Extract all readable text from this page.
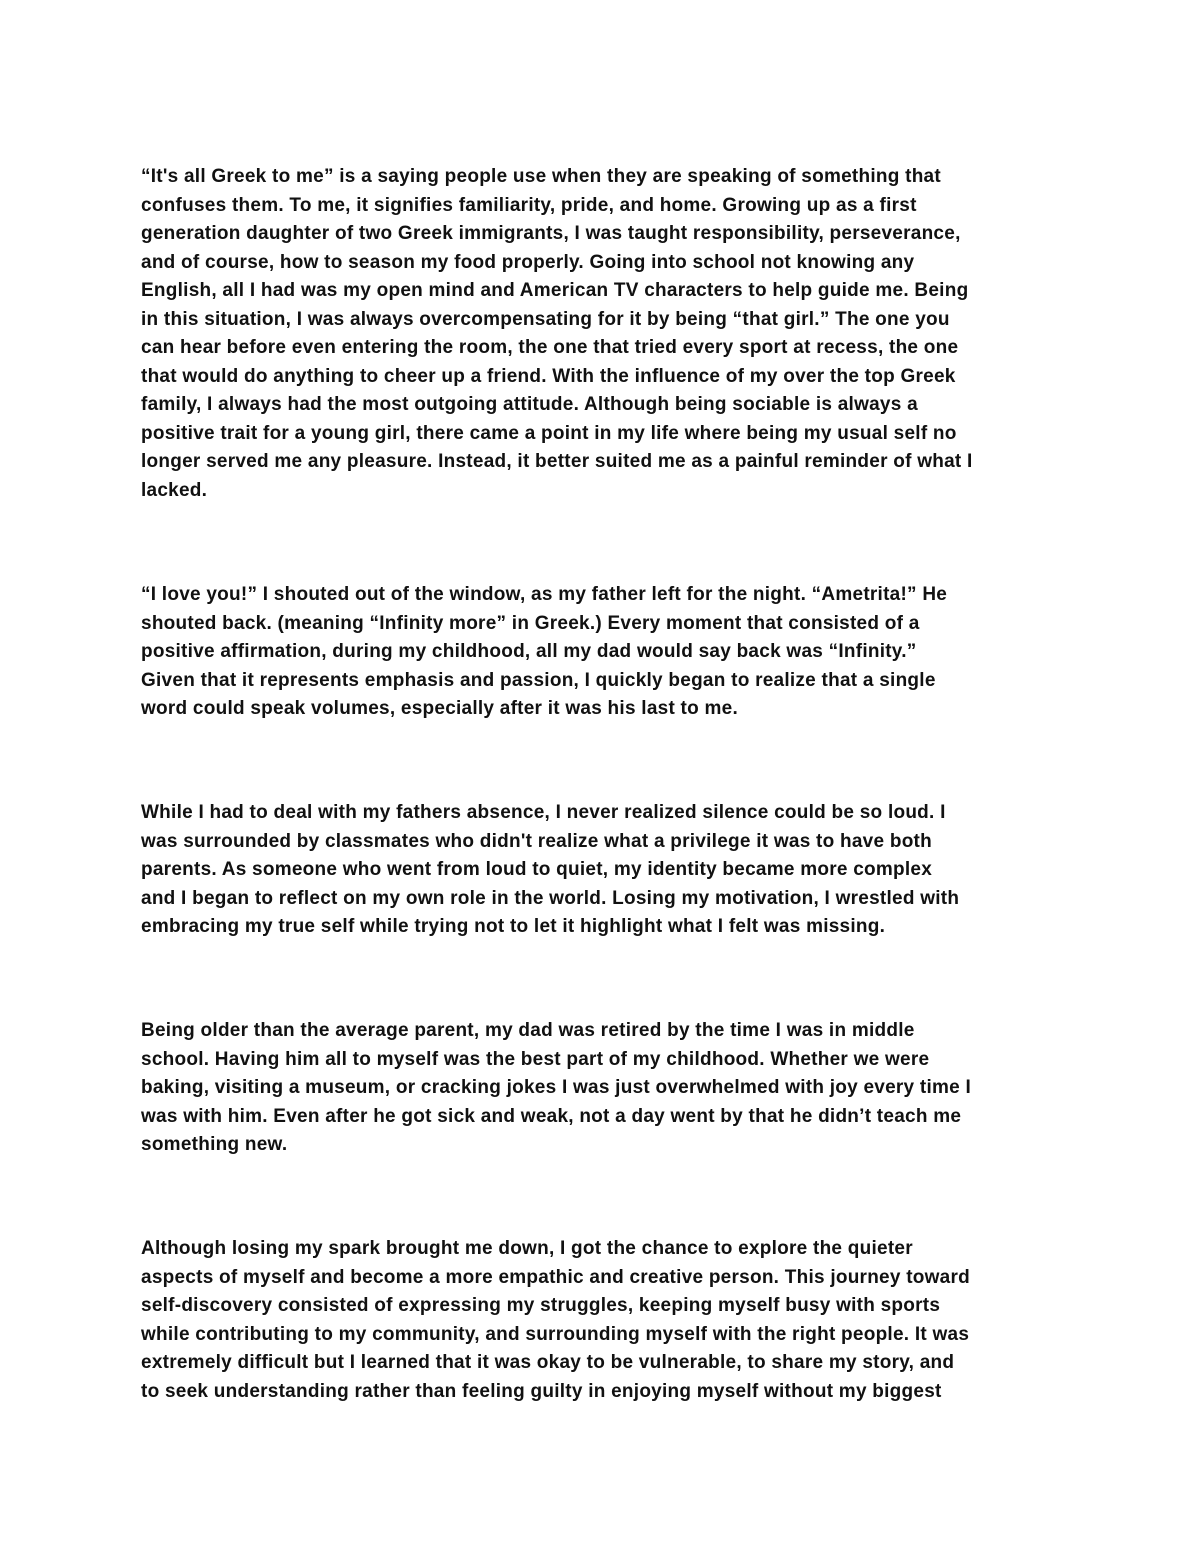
“It's all Greek to me” is a saying people use when they are speaking of something that
confuses them. To me, it signifies familiarity, pride, and home. Growing up as a first
generation daughter of two Greek immigrants, I was taught responsibility, perseverance,
and of course, how to season my food properly. Going into school not knowing any
English, all I had was my open mind and American TV characters to help guide me. Being
in this situation, I was always overcompensating for it by being “that girl.” The one you
can hear before even entering the room, the one that tried every sport at recess, the one
that would do anything to cheer up a friend. With the influence of my over the top Greek
family, I always had the most outgoing attitude. Although being sociable is always a
positive trait for a young girl, there came a point in my life where being my usual self no
longer served me any pleasure. Instead, it better suited me as a painful reminder of what I
lacked.
“I love you!” I shouted out of the window, as my father left for the night. “Ametrita!” He
shouted back. (meaning “Infinity more” in Greek.) Every moment that consisted of a
positive affirmation, during my childhood, all my dad would say back was “Infinity.”
Given that it represents emphasis and passion, I quickly began to realize that a single
word could speak volumes, especially after it was his last to me.
While I had to deal with my fathers absence, I never realized silence could be so loud. I
was surrounded by classmates who didn't realize what a privilege it was to have both
parents. As someone who went from loud to quiet, my identity became more complex
and I began to reflect on my own role in the world. Losing my motivation, I wrestled with
embracing my true self while trying not to let it highlight what I felt was missing.
Being older than the average parent, my dad was retired by the time I was in middle
school. Having him all to myself was the best part of my childhood. Whether we were
baking, visiting a museum, or cracking jokes I was just overwhelmed with joy every time I
was with him. Even after he got sick and weak, not a day went by that he didn’t teach me
something new.
Although losing my spark brought me down, I got the chance to explore the quieter
aspects of myself and become a more empathic and creative person. This journey toward
self-discovery consisted of expressing my struggles, keeping myself busy with sports
while contributing to my community, and surrounding myself with the right people. It was
extremely difficult but I learned that it was okay to be vulnerable, to share my story, and
to seek understanding rather than feeling guilty in enjoying myself without my biggest
